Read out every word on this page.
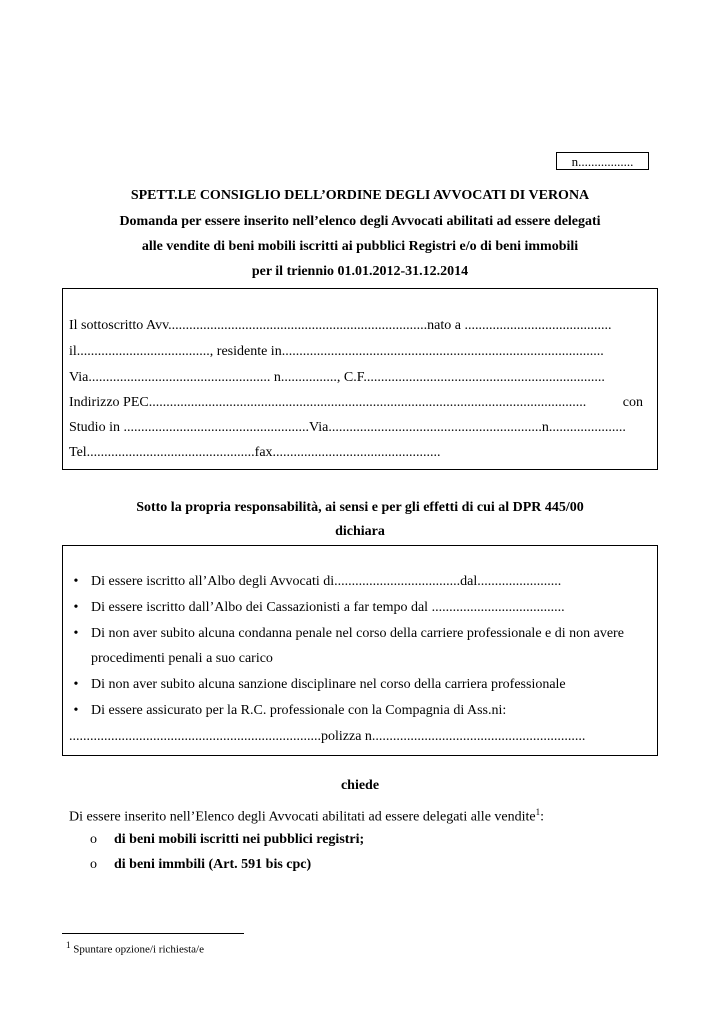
n.................
SPETT.LE CONSIGLIO DELL’ORDINE DEGLI AVVOCATI DI VERONA
Domanda per essere inserito nell’elenco degli Avvocati abilitati ad essere delegati
alle vendite di beni mobili iscritti ai pubblici Registri e/o di beni immobili
per il triennio 01.01.2012-31.12.2014
Il sottoscritto Avv..........................................................................nato a ..........................................
il......................................, residente in............................................................................................
Via.................................................... n................, C.F.....................................................................
Indirizzo PEC.............................................................................................................................	con
Studio in .....................................................Via.............................................................n......................
Tel................................................fax................................................
Sotto la propria responsabilità, ai sensi e per gli effetti di cui al DPR 445/00
dichiara
• Di essere iscritto all’Albo degli Avvocati di....................................dal........................
• Di essere iscritto dall’Albo dei Cassazionisti a far tempo dal ......................................
• Di non aver subito alcuna condanna penale nel corso della carriere professionale e di non avere
procedimenti penali a suo carico
• Di non aver subito alcuna sanzione disciplinare nel corso della carriera professionale
• Di essere assicurato per la R.C. professionale con la Compagnia di Ass.ni:
........................................................................polizza n.............................................................
chiede
Di essere inserito nell’Elenco degli Avvocati abilitati ad essere delegati alle vendite$^1$:
o di beni mobili iscritti nei pubblici registri;
o di beni immbili (Art. 591 bis cpc)
$^1$ Spuntare opzione/i richiesta/e
